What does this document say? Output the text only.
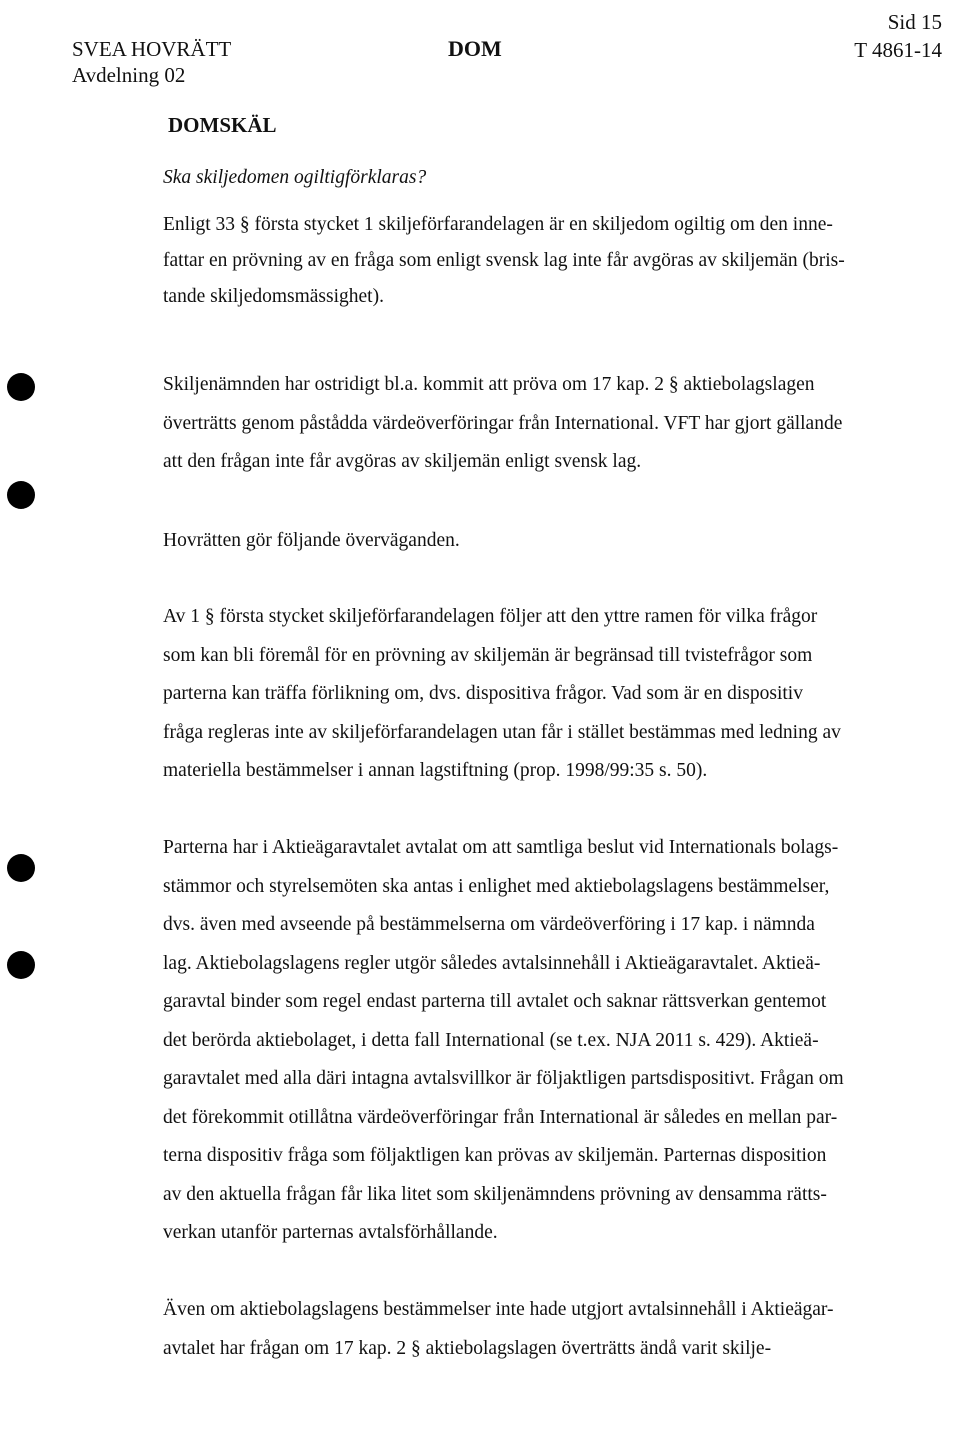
SVEA HOVRÄTT
Avdelning 02
DOM
Sid 15
T 4861-14
DOMSKÄL

Ska skiljedomen ogiltigförklaras?

Enligt 33 § första stycket 1 skiljeförfarandelagen är en skiljedom ogiltig om den inne-
fattar en prövning av en fråga som enligt svensk lag inte får avgöras av skiljemän (bris-
tande skiljedomsmässighet).

Skiljenämnden har ostridigt bl.a. kommit att pröva om 17 kap. 2 § aktiebolagslagen
överträtts genom påstådda värdeöverföringar från International. VFT har gjort gällande
att den frågan inte får avgöras av skiljemän enligt svensk lag.

Hovrätten gör följande överväganden.

Av 1 § första stycket skiljeförfarandelagen följer att den yttre ramen för vilka frågor
som kan bli föremål för en prövning av skiljemän är begränsad till tvistefrågor som
parterna kan träffa förlikning om, dvs. dispositiva frågor. Vad som är en dispositiv
fråga regleras inte av skiljeförfarandelagen utan får i stället bestämmas med ledning av
materiella bestämmelser i annan lagstiftning (prop. 1998/99:35 s. 50).

Parterna har i Aktieägaravtalet avtalat om att samtliga beslut vid Internationals bolags-
stämmor och styrelsemöten ska antas i enlighet med aktiebolagslagens bestämmelser,
dvs. även med avseende på bestämmelserna om värdeöverföring i 17 kap. i nämnda
lag. Aktiebolagslagens regler utgör således avtalsinnehåll i Aktieägaravtalet. Aktieä-
garavtal binder som regel endast parterna till avtalet och saknar rättsverkan gentemot
det berörda aktiebolaget, i detta fall International (se t.ex. NJA 2011 s. 429). Aktieä-
garavtalet med alla däri intagna avtalsvillkor är följaktligen partsdispositivt. Frågan om
det förekommit otillåtna värdeöverföringar från International är således en mellan par-
terna dispositiv fråga som följaktligen kan prövas av skiljemän. Parternas disposition
av den aktuella frågan får lika litet som skiljenämndens prövning av densamma rätts-
verkan utanför parternas avtalsförhållande.

Även om aktiebolagslagens bestämmelser inte hade utgjort avtalsinnehåll i Aktieägar-
avtalet har frågan om 17 kap. 2 § aktiebolagslagen överträtts ändå varit skilje-
